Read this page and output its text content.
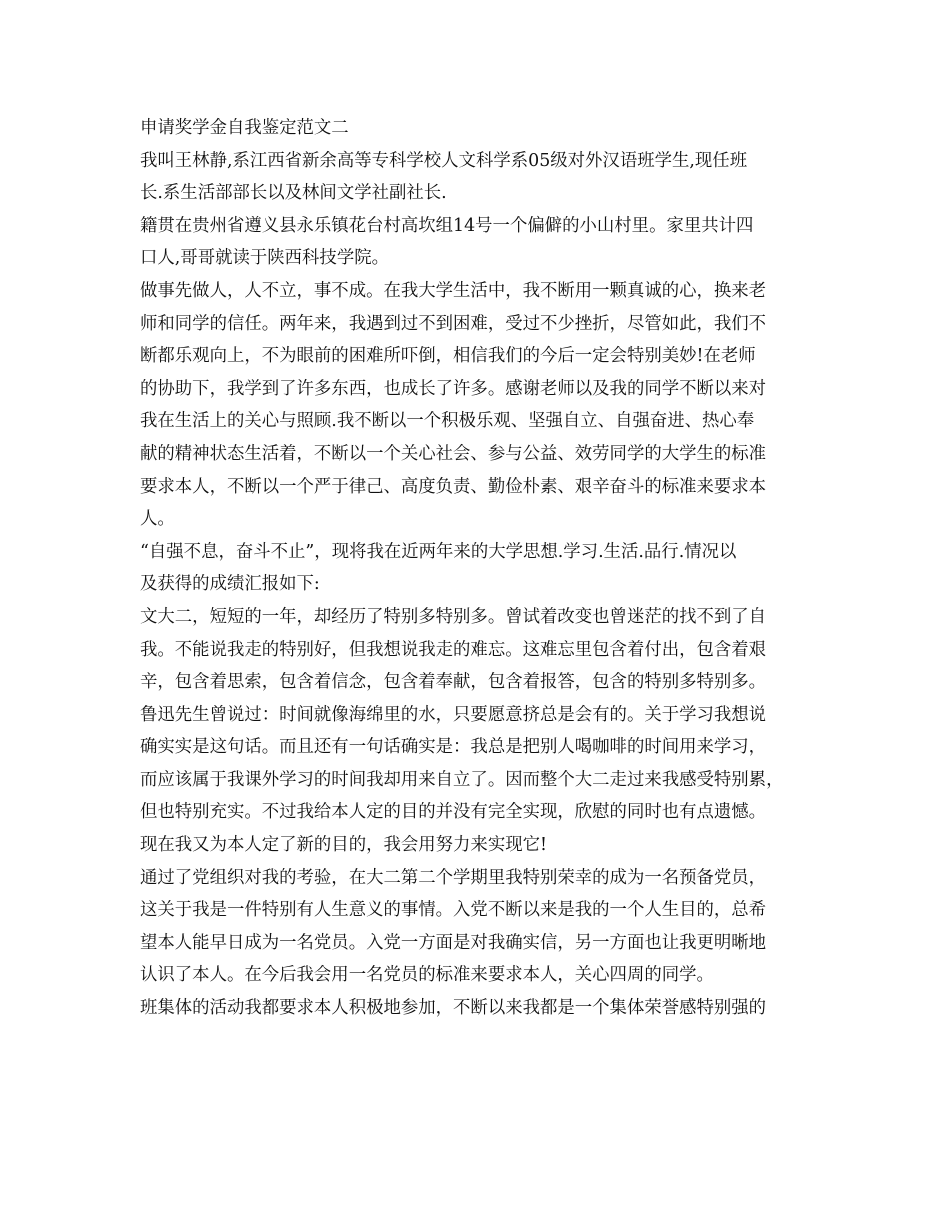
申请奖学金自我鉴定范文二
我叫王林静,系江西省新余高等专科学校人文科学系05级对外汉语班学生,现任班
长.系生活部部长以及林间文学社副社长.
籍贯在贵州省遵义县永乐镇花台村高坎组14号一个偏僻的小山村里。家里共计四
口人,哥哥就读于陕西科技学院。
做事先做人，人不立，事不成。在我大学生活中，我不断用一颗真诚的心，换来老
师和同学的信任。两年来，我遇到过不到困难，受过不少挫折，尽管如此，我们不
断都乐观向上，不为眼前的困难所吓倒，相信我们的今后一定会特别美妙!在老师
的协助下，我学到了许多东西，也成长了许多。感谢老师以及我的同学不断以来对
我在生活上的关心与照顾.我不断以一个积极乐观、坚强自立、自强奋进、热心奉
献的精神状态生活着，不断以一个关心社会、参与公益、效劳同学的大学生的标准
要求本人，不断以一个严于律己、高度负责、勤俭朴素、艰辛奋斗的标准来要求本
人。
“自强不息，奋斗不止”，现将我在近两年来的大学思想.学习.生活.品行.情况以
及获得的成绩汇报如下:
文大二，短短的一年，却经历了特别多特别多。曾试着改变也曾迷茫的找不到了自
我。不能说我走的特别好，但我想说我走的难忘。这难忘里包含着付出，包含着艰
辛，包含着思索，包含着信念，包含着奉献，包含着报答，包含的特别多特别多。
鲁迅先生曾说过：时间就像海绵里的水，只要愿意挤总是会有的。关于学习我想说
确实实是这句话。而且还有一句话确实是：我总是把别人喝咖啡的时间用来学习，
而应该属于我课外学习的时间我却用来自立了。因而整个大二走过来我感受特别累，
但也特别充实。不过我给本人定的目的并没有完全实现，欣慰的同时也有点遗憾。
现在我又为本人定了新的目的，我会用努力来实现它!
通过了党组织对我的考验，在大二第二个学期里我特别荣幸的成为一名预备党员，
这关于我是一件特别有人生意义的事情。入党不断以来是我的一个人生目的，总希
望本人能早日成为一名党员。入党一方面是对我确实信，另一方面也让我更明晰地
认识了本人。在今后我会用一名党员的标准来要求本人，关心四周的同学。
班集体的活动我都要求本人积极地参加，不断以来我都是一个集体荣誉感特别强的
